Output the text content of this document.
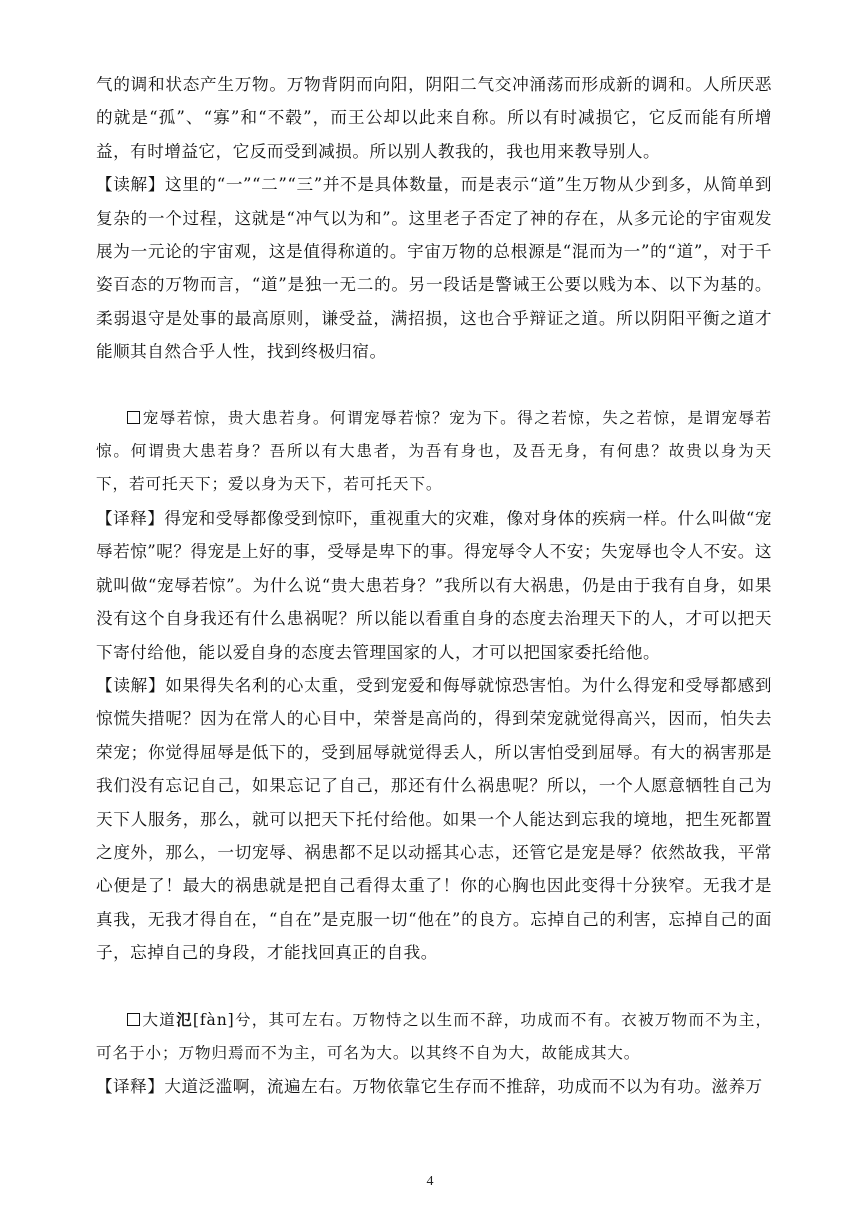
气的调和状态产生万物。万物背阴而向阳，阴阳二气交冲涌荡而形成新的调和。人所厌恶的就是“孤”、“寡”和“不毂”，而王公却以此来自称。所以有时减损它，它反而能有所增益，有时增益它，它反而受到减损。所以别人教我的，我也用来教导别人。

【读解】这里的“一”“二”“三”并不是具体数量，而是表示“道”生万物从少到多，从简单到复杂的一个过程，这就是“冲气以为和”。这里老子否定了神的存在，从多元论的宇宙观发展为一元论的宇宙观，这是值得称道的。宇宙万物的总根源是“混而为一”的“道”，对于千姿百态的万物而言，“道”是独一无二的。另一段话是警诫王公要以贱为本、以下为基的。柔弱退守是处事的最高原则，谦受益，满招损，这也合乎辩证之道。所以阴阳平衡之道才能顺其自然合乎人性，找到终极归宿。

宠辱若惊，贵大患若身。何谓宠辱若惊？宠为下。得之若惊，失之若惊，是谓宠辱若惊。何谓贵大患若身？吾所以有大患者，为吾有身也，及吾无身，有何患？故贵以身为天下，若可托天下；爱以身为天下，若可托天下。

【译释】得宠和受辱都像受到惊吓，重视重大的灾难，像对身体的疾病一样。什么叫做“宠辱若惊”呢？得宠是上好的事，受辱是卑下的事。得宠辱令人不安；失宠辱也令人不安。这就叫做“宠辱若惊”。为什么说“贵大患若身？”我所以有大祸患，仍是由于我有自身，如果没有这个自身我还有什么患祸呢？所以能以看重自身的态度去治理天下的人，才可以把天下寄付给他，能以爱自身的态度去管理国家的人，才可以把国家委托给他。

【读解】如果得失名利的心太重，受到宠爱和侮辱就惊恐害怕。为什么得宠和受辱都感到惊慌失措呢？因为在常人的心目中，荣誉是高尚的，得到荣宠就觉得高兴，因而，怕失去荣宠；你觉得屈辱是低下的，受到屈辱就觉得丢人，所以害怕受到屈辱。有大的祸害那是我们没有忘记自己，如果忘记了自己，那还有什么祸患呢？所以，一个人愿意牺牲自己为天下人服务，那么，就可以把天下托付给他。如果一个人能达到忘我的境地，把生死都置之度外，那么，一切宠辱、祸患都不足以动摇其心志，还管它是宠是辱？依然故我，平常心便是了！最大的祸患就是把自己看得太重了！你的心胸也因此变得十分狭窄。无我才是真我，无我才得自在，“自在”是克服一切“他在”的良方。忘掉自己的利害，忘掉自己的面子，忘掉自己的身段，才能找回真正的自我。

大道氾[fàn]兮，其可左右。万物恃之以生而不辞，功成而不有。衣被万物而不为主，可名于小；万物归焉而不为主，可名为大。以其终不自为大，故能成其大。

【译释】大道泛滥啊，流遍左右。万物依靠它生存而不推辞，功成而不以为有功。滋养万

4
